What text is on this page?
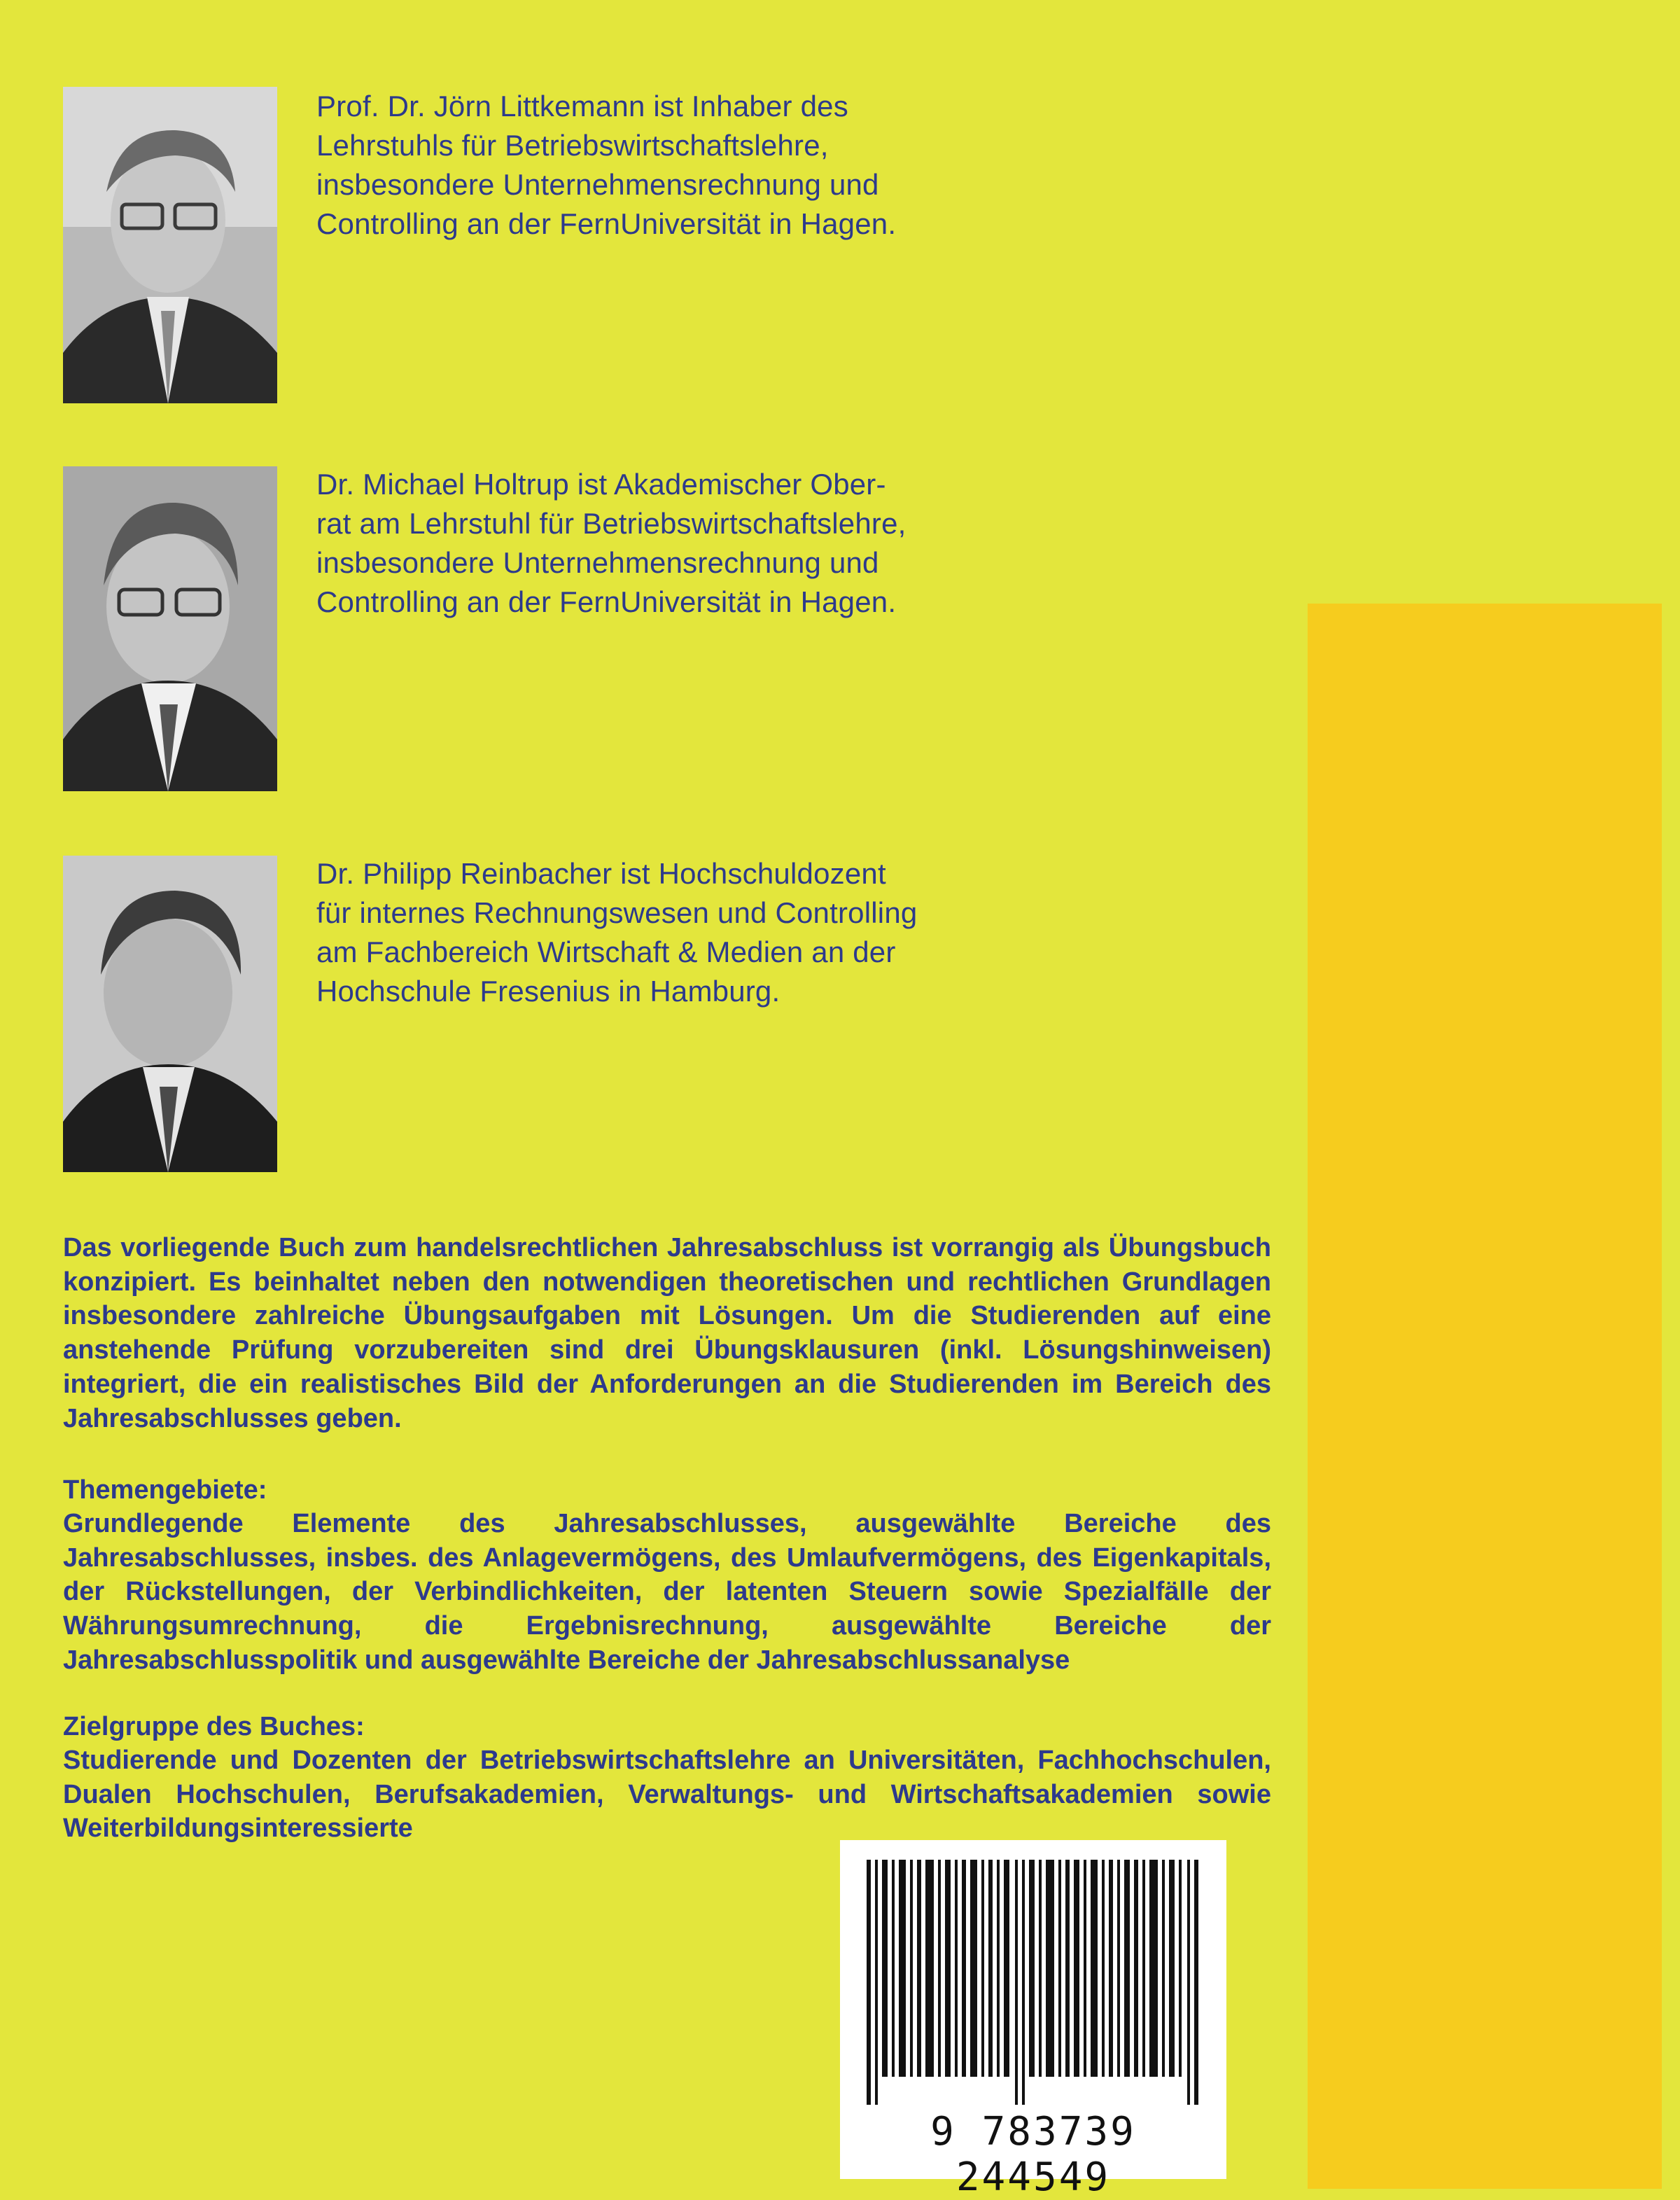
Prof. Dr. Jörn Littkemann ist Inhaber des
Lehrstuhls für Betriebswirtschaftslehre,
insbesondere Unternehmensrechnung und
Controlling an der FernUniversität in Hagen.
Dr. Michael Holtrup ist Akademischer Ober-
rat am Lehrstuhl für Betriebswirtschaftslehre,
insbesondere Unternehmensrechnung und
Controlling an der FernUniversität in Hagen.
Dr. Philipp Reinbacher ist Hochschuldozent
für internes Rechnungswesen und Controlling
am Fachbereich Wirtschaft & Medien an der
Hochschule Fresenius in Hamburg.

Das vorliegende Buch zum handelsrechtlichen Jahresabschluss ist vorrangig als Übungsbuch konzipiert. Es beinhaltet neben den notwendigen theoretischen und rechtlichen Grundlagen insbesondere zahlreiche Übungsaufgaben mit Lösungen. Um die Studierenden auf eine anstehende Prüfung vorzubereiten sind drei Übungsklausuren (inkl. Lösungshinweisen) integriert, die ein realistisches Bild der Anforderungen an die Studierenden im Bereich des Jahresabschlusses geben.

Themengebiete:

Grundlegende Elemente des Jahresabschlusses, ausgewählte Bereiche des Jahresabschlusses, insbes. des Anlagevermögens, des Umlaufvermögens, des Eigenkapitals, der Rückstellungen, der Verbindlichkeiten, der latenten Steuern sowie Spezialfälle der Währungsumrechnung, die Ergebnisrechnung, ausgewählte Bereiche der Jahresabschlusspolitik und ausgewählte Bereiche der Jahresabschlussanalyse

Zielgruppe des Buches:

Studierende und Dozenten der Betriebswirtschaftslehre an Universitäten, Fachhochschulen, Dualen Hochschulen, Berufsakademien, Verwaltungs- und Wirtschaftsakademien sowie Weiterbildungsinteressierte

9 783739 244549
